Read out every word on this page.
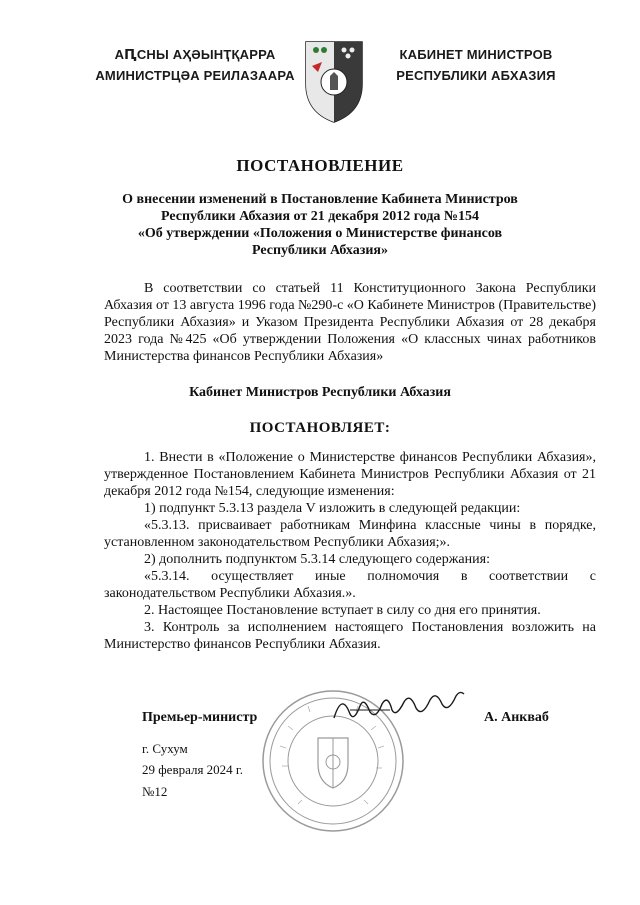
АԤСНЫ АҲӘЫНҬҚАРРА
АМИНИСТРЦӘА РЕИЛАЗААРА
КАБИНЕТ МИНИСТРОВ
РЕСПУБЛИКИ АБХАЗИЯ
ПОСТАНОВЛЕНИЕ
О внесении изменений в Постановление Кабинета Министров
Республики Абхазия от 21 декабря 2012 года №154
«Об утверждении «Положения о Министерстве финансов
Республики Абхазия»

В соответствии со статьей 11 Конституционного Закона Республики Абхазия от 13 августа 1996 года №290-с «О Кабинете Министров (Правительстве) Республики Абхазия» и Указом Президента Республики Абхазия от 28 декабря 2023 года №425 «Об утверждении Положения «О классных чинах работников Министерства финансов Республики Абхазия»

Кабинет Министров Республики Абхазия
ПОСТАНОВЛЯЕТ:

1. Внести в «Положение о Министерстве финансов Республики Абхазия», утвержденное Постановлением Кабинета Министров Республики Абхазия от 21 декабря 2012 года №154, следующие изменения:

1) подпункт 5.3.13 раздела V изложить в следующей редакции:

«5.3.13. присваивает работникам Минфина классные чины в порядке, установленном законодательством Республики Абхазия;».

2) дополнить подпунктом 5.3.14 следующего содержания:

«5.3.14. осуществляет иные полномочия в соответствии с законодательством Республики Абхазия.».

2. Настоящее Постановление вступает в силу со дня его принятия.

3. Контроль за исполнением настоящего Постановления возложить на Министерство финансов Республики Абхазия.

Премьер-министр	А. Анкваб
г. Сухум
29 февраля 2024 г.
№12
